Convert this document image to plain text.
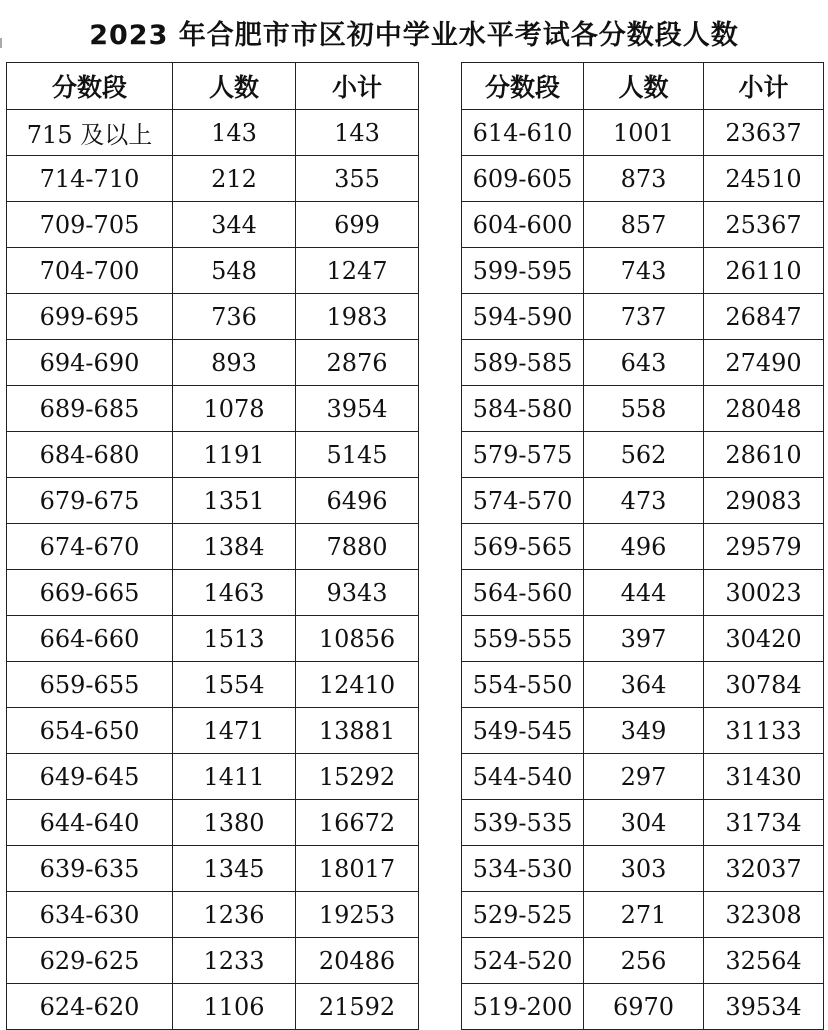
2023 年合肥市市区初中学业水平考试各分数段人数
分数段	人数	小计
715 及以上	143	143
714-710	212	355
709-705	344	699
704-700	548	1247
699-695	736	1983
694-690	893	2876
689-685	1078	3954
684-680	1191	5145
679-675	1351	6496
674-670	1384	7880
669-665	1463	9343
664-660	1513	10856
659-655	1554	12410
654-650	1471	13881
649-645	1411	15292
644-640	1380	16672
639-635	1345	18017
634-630	1236	19253
629-625	1233	20486
624-620	1106	21592
分数段	人数	小计
614-610	1001	23637
609-605	873	24510
604-600	857	25367
599-595	743	26110
594-590	737	26847
589-585	643	27490
584-580	558	28048
579-575	562	28610
574-570	473	29083
569-565	496	29579
564-560	444	30023
559-555	397	30420
554-550	364	30784
549-545	349	31133
544-540	297	31430
539-535	304	31734
534-530	303	32037
529-525	271	32308
524-520	256	32564
519-200	6970	39534
